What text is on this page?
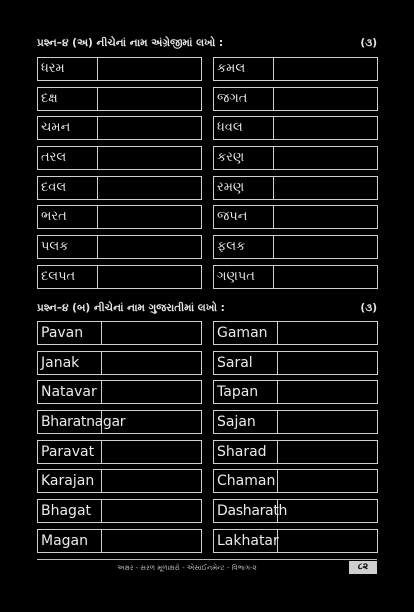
પ્રશ્ન–૪ (અ) નીચેનાં નામ અંગ્રેજીમાં લખો :	(૩)
ધરમ	કમલ
દક્ષ	જગત
ચમન	ધવલ
તરલ	કરણ
દવલ	રમણ
ભરત	જપન
પલક	ફલક
દલપત	ગણપત
પ્રશ્ન–૪ (બ) નીચેનાં નામ ગુજરાતીમાં લખો :	(૩)
Pavan	Gaman
Janak	Saral
Natavar	Tapan
Bharatnagar	Sajan
Paravat	Sharad
Karajan	Chaman
Bhagat	Dasharath
Magan	Lakhatar
અક્ષર - સરળ મૂળાક્ષરો - એસાઈનમેન્ટ - વિભાગ-૨	૮૨
